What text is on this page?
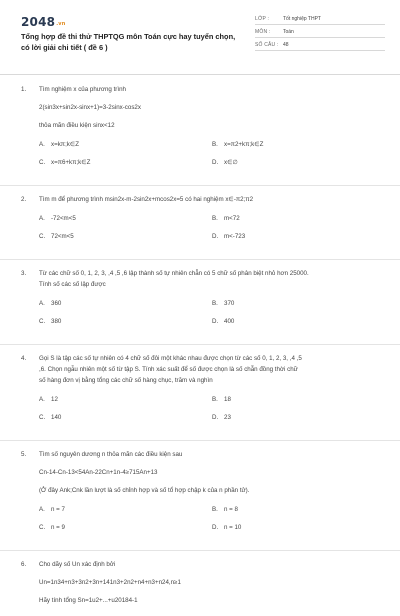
$2048_{.vn}$
Tổng hợp đề thi thử THPTQG môn Toán cực hay tuyển chọn, có lời giải chi tiết ( đề 6 )
LỚP :	Tốt nghiệp THPT
MÔN :	Toán
SỐ CÂU : 48
1. Tìm nghiệm x của phương trình
2(sin3x+sin2x-sinx+1)=3-2sinx-cos2x
thỏa mãn điều kiện sinx<12
A. x=kπ;k∈Z	B. x=π2+kπ;k∈Z
C. x=π6+kπ;k∈Z	D. x∈∅
2. Tìm m để phương trình msin2x-m-2sin2x+mcos2x=5 có hai nghiệm x∈-π2;π2
A. -72<m<5	B. m<72
C. 72<m<5	D. m<-723
3. Từ các chữ số 0, 1, 2, 3, ,4 ,5 ,6 lập thành số tự nhiên chẵn có 5 chữ số phân biệt nhỏ hơn 25000.
Tính số các số lập được
A. 360	B. 370
C. 380	D. 400
4. Gọi S là tập các số tự nhiên có 4 chữ số đôi một khác nhau được chọn từ các số 0, 1, 2, 3, ,4 ,5
,6. Chọn ngẫu nhiên một số từ tập S. Tính xác suất để số được chọn là số chẵn đồng thời chữ
số hàng đơn vị bằng tổng các chữ số hàng chục, trăm và nghìn
A. 12	B. 18
C. 140	D. 23
5. Tìm số nguyên dương n thỏa mãn các điều kiện sau
Cn-14-Cn-13<54An-22Cn+1n-4≥715An+13
(Ở đây Ank;Cnk lần lượt là số chỉnh hợp và số tổ hợp chập k của n phần tử).
A. n = 7	B. n = 8
C. n = 9	D. n = 10
6. Cho dãy số Un xác định bởi
Un=1n34+n3+3n2+3n+141n3+2n2+n4+n3+n24,n≥1
Hãy tính tổng Sn=1u2+...+u20184-1
